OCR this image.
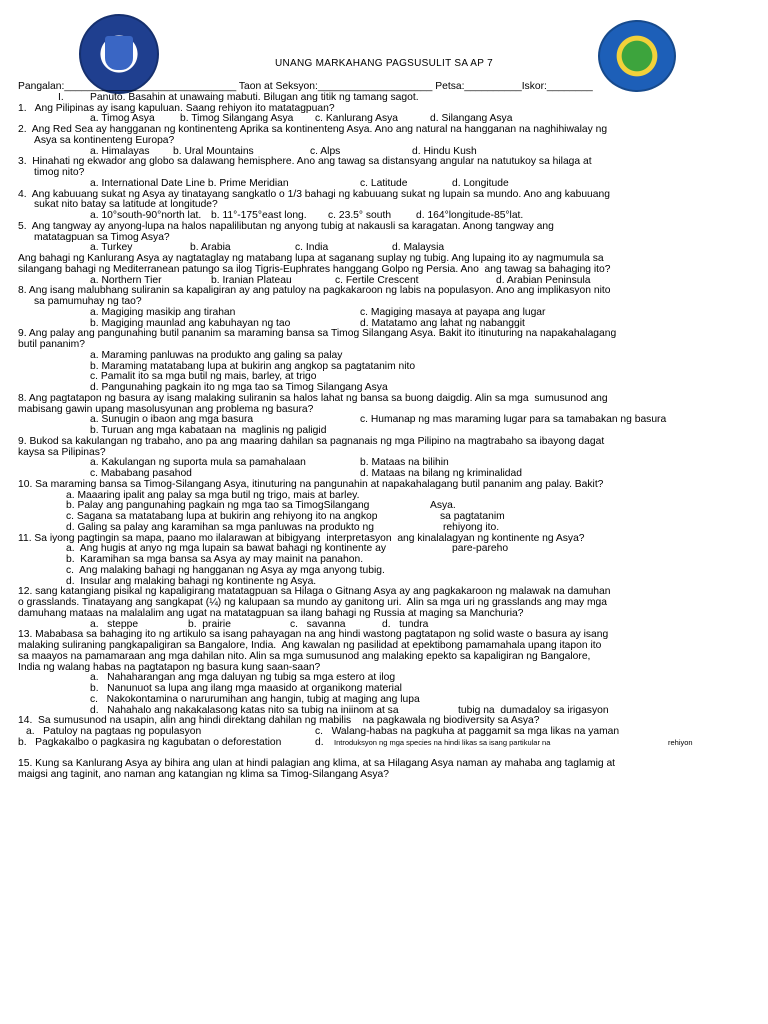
UNANG MARKAHANG PAGSUSULIT SA AP 7
Pangalan:______________________________ Taon at Seksyon:____________________ Petsa:__________Iskor:________
I.	Panuto. Basahin at unawaing mabuti. Bilugan ang titik ng tamang sagot.
1.   Ang Pilipinas ay isang kapuluan. Saang rehiyon ito matatagpuan?
a. Timog Asya b. Timog Silangang Asya c. Kanlurang Asya	d. Silangang Asya
2.  Ang Red Sea ay hangganan ng kontinenteng Aprika sa kontinenteng Asya. Ano ang natural na hangganan na naghihiwalay ng
Asya sa kontinenteng Europa?
a. Himalayas b. Ural Mountains	c. Alps	d. Hindu Kush
3.  Hinahati ng ekwador ang globo sa dalawang hemisphere. Ano ang tawag sa distansyang angular na natutukoy sa hilaga at
timog nito?
a. International Date Line b. Prime Meridian	c. Latitude	d. Longitude
4.  Ang kabuuang sukat ng Asya ay tinatayang sangkatlo o 1/3 bahagi ng kabuuang sukat ng lupain sa mundo. Ano ang kabuuang
sukat nito batay sa latitude at longitude?
a. 10°south-90°north lat. b. 11°-175°east long. c. 23.5° south d. 164°longitude-85°lat.
5.  Ang tangway ay anyong-lupa na halos napalilibutan ng anyong tubig at nakausli sa karagatan. Anong tangway ang
matatagpuan sa Timog Asya?
a. Turkey	b. Arabia	c. India	d. Malaysia
Ang bahagi ng Kanlurang Asya ay nagtataglay ng matabang lupa at saganang suplay ng tubig. Ang lupaing ito ay nagmumula sa
silangang bahagi ng Mediterranean patungo sa ilog Tigris-Euphrates hanggang Golpo ng Persia. Ano  ang tawag sa bahaging ito?
a. Northern Tier	b. Iranian Plateau	c. Fertile Crescent	d. Arabian Peninsula
8. Ang isang malubhang suliranin sa kapaligiran ay ang patuloy na pagkakaroon ng labis na populasyon. Ano ang implikasyon nito
sa pamumuhay ng tao?
a. Magiging masikip ang tirahan	c. Magiging masaya at payapa ang lugar
b. Magiging maunlad ang kabuhayan ng tao	d. Matatamo ang lahat ng nabanggit
9. Ang palay ang pangunahing butil pananim sa maraming bansa sa Timog Silangang Asya. Bakit ito itinuturing na napakahalagang
butil pananim?
a. Maraming panluwas na produkto ang galing sa palay
b. Maraming matatabang lupa at bukirin ang angkop sa pagtatanim nito
c. Pamalit ito sa mga butil ng mais, barley, at trigo
d. Pangunahing pagkain ito ng mga tao sa Timog Silangang Asya
8. Ang pagtatapon ng basura ay isang malaking suliranin sa halos lahat ng bansa sa buong daigdig. Alin sa mga  sumusunod ang
mabisang gawin upang masolusyunan ang problema ng basura?
a. Sunugin o ibaon ang mga basura	c. Humanap ng mas maraming lugar para sa tamabakan ng basura
b. Turuan ang mga kabataan na  maglinis ng paligid
9. Bukod sa kakulangan ng trabaho, ano pa ang maaring dahilan sa pagnanais ng mga Pilipino na magtrabaho sa ibayong dagat
kaysa sa Pilipinas?
a. Kakulangan ng suporta mula sa pamahalaan	b. Mataas na bilihin
c. Mababang pasahod	d. Mataas na bilang ng kriminalidad
10. Sa maraming bansa sa Timog-Silangang Asya, itinuturing na pangunahin at napakahalagang butil pananim ang palay. Bakit?
a. Maaaring ipalit ang palay sa mga butil ng trigo, mais at barley.
b. Palay ang pangunahing pagkain ng mga tao sa TimogSilangang	Asya.
c. Sagana sa matatabang lupa at bukirin ang rehiyong ito na angkop	sa pagtatanim
d. Galing sa palay ang karamihan sa mga panluwas na produkto ng	rehiyong ito.
11. Sa iyong pagtingin sa mapa, paano mo ilalarawan at bibigyang  interpretasyon  ang kinalalagyan ng kontinente ng Asya?
a.  Ang hugis at anyo ng mga lupain sa bawat bahagi ng kontinente ay	pare-pareho
b.  Karamihan sa mga bansa sa Asya ay may mainit na panahon.
c.  Ang malaking bahagi ng hangganan ng Asya ay mga anyong tubig.
d.  Insular ang malaking bahagi ng kontinente ng Asya.
12. sang katangiang pisikal ng kapaligirang matatagpuan sa Hilaga o Gitnang Asya ay ang pagkakaroon ng malawak na damuhan
o grasslands. Tinatayang ang sangkapat (¼) ng kalupaan sa mundo ay ganitong uri.  Alin sa mga uri ng grasslands ang may mga
damuhang mataas na malalalim ang ugat na matatagpuan sa ilang bahagi ng Russia at maging sa Manchuria?
a.   steppe	b.  prairie	c.   savanna	d.   tundra
13. Mababasa sa bahaging ito ng artikulo sa isang pahayagan na ang hindi wastong pagtatapon ng solid waste o basura ay isang
malaking suliraning pangkapaligiran sa Bangalore, India.  Ang kawalan ng pasilidad at epektibong pamamahala upang itapon ito
sa maayos na pamamaraan ang mga dahilan nito. Alin sa mga sumusunod ang malaking epekto sa kapaligiran ng Bangalore,
India ng walang habas na pagtatapon ng basura kung saan-saan?
a.   Nahaharangan ang mga daluyan ng tubig sa mga estero at ilog
b.   Nanunuot sa lupa ang ilang mga maasido at organikong material
c.   Nakokontamina o narurumihan ang hangin, tubig at maging ang lupa
d.   Nahahalo ang nakakalasong katas nito sa tubig na iniinom at sa	tubig na  dumadaloy sa irigasyon
14.  Sa sumusunod na usapin, alin ang hindi direktang dahilan ng mabilis    na pagkawala ng biodiversity sa Asya?
a.   Patuloy na pagtaas ng populasyon	c.   Walang-habas na pagkuha at paggamit sa mga likas na yaman
b.   Pagkakalbo o pagkasira ng kagubatan o deforestation	d. Introduksyon ng mga species na hindi likas sa isang partikular na	rehiyon
15. Kung sa Kanlurang Asya ay bihira ang ulan at hindi palagian ang klima, at sa Hilagang Asya naman ay mahaba ang taglamig at
maigsi ang taginit, ano naman ang katangian ng klima sa Timog-Silangang Asya?
